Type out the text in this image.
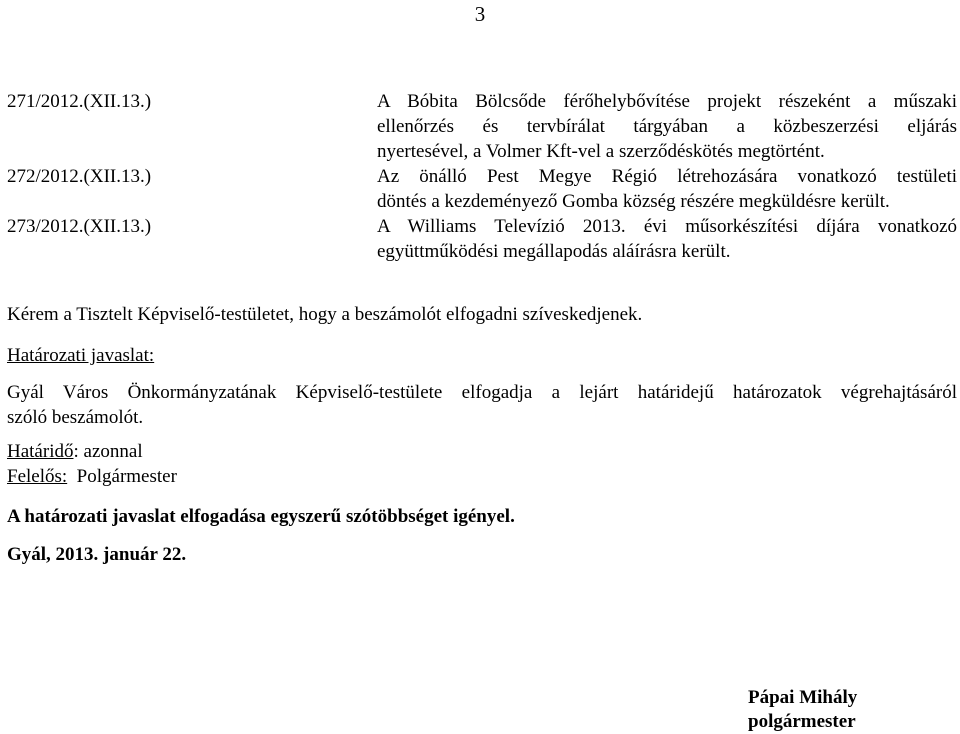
3
271/2012.(XII.13.)	A Bóbita Bölcsőde férőhelybővítése projekt részeként a műszaki
ellenőrzés és tervbírálat tárgyában a közbeszerzési eljárás
nyertesével, a Volmer Kft-vel a szerződéskötés megtörtént.
272/2012.(XII.13.)	Az önálló Pest Megye Régió létrehozására vonatkozó testületi
döntés a kezdeményező Gomba község részére megküldésre került.
273/2012.(XII.13.)	A Williams Televízió 2013. évi műsorkészítési díjára vonatkozó
együttműködési megállapodás aláírásra került.
Kérem a Tisztelt Képviselő-testületet, hogy a beszámolót elfogadni szíveskedjenek.
Határozati javaslat:
Gyál Város Önkormányzatának Képviselő-testülete elfogadja a lejárt határidejű határozatok végrehajtásáról
szóló beszámolót.
Határidő: azonnal
Felelős: Polgármester
A határozati javaslat elfogadása egyszerű szótöbbséget igényel.
Gyál, 2013. január 22.
Pápai Mihály
polgármester
